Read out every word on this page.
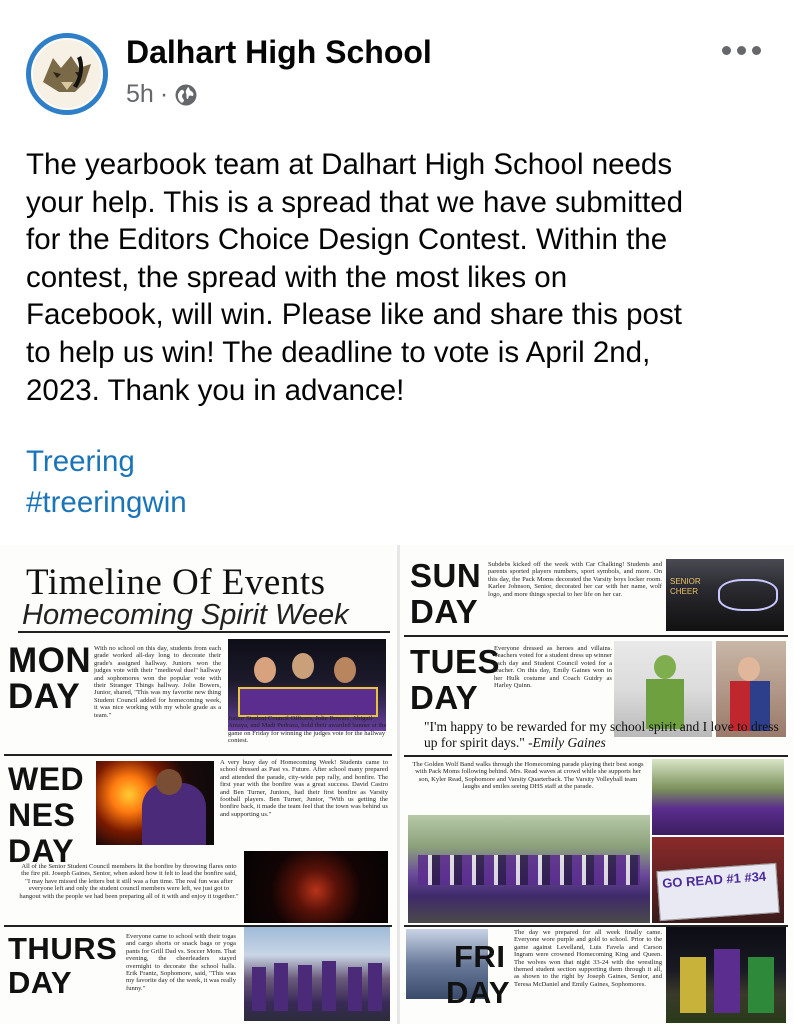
Dalhart High School
5h ·
The yearbook team at Dalhart High School needs
your help. This is a spread that we have submitted
for the Editors Choice Design Contest. Within the
contest, the spread with the most likes on
Facebook, will win. Please like and share this post
to help us win! The deadline to vote is April 2nd,
2023. Thank you in advance!
Treering
#treeringwin
Timeline Of Events
Homecoming Spirit Week
MON
DAY
With no school on this day, students from each grade worked all-day long to decorate their grade's assigned hallway. Juniors won the judges vote with their "medieval duel" hallway and sophomores won the popular vote with their Stranger Things hallway. Jolie Bowers, Junior, shared, "This was my favorite new thing Student Council added for homecoming week, it was nice working with my whole grade as a team."	Junior Student Council Officers, Jolie Bowers, Abigail Amaya, and Madi Pedraza, hold their awarded banner at the game on Friday for winning the judges vote for the hallway contest.
WED
NES
DAY
A very busy day of Homecoming Week! Students came to school dressed as Past vs. Future. After school many prepared and attended the parade, city-wide pep rally, and bonfire. The first year with the bonfire was a great success. David Castro and Ben Turner, Juniors, had their first bonfire as Varsity football players. Ben Turner, Junior, "With us getting the bonfire back, it made the team feel that the town was behind us and supporting us."
All of the Senior Student Council members lit the bonfire by throwing flares onto the fire pit. Joseph Gaines, Senior, when asked how it felt to lead the bonfire said, "I may have missed the letters but it still was a fun time. The real fun was after everyone left and only the student council members were left, we just got to hangout with the people we had been preparing all of it with and enjoy it together."
THURS
DAY
Everyone came to school with their togas and cargo shorts or snack bags or yoga pants for Grill Dad vs. Soccer Mom. That evening, the cheerleaders stayed overnight to decorate the school halls. Erik Frantz, Sophomore, said, "This was my favorite day of the week, it was really funny."
SUN
DAY
Subdebs kicked off the week with Car Chalking! Students and parents sported players numbers, sport symbols, and more. On this day, the Pack Moms decorated the Varsity boys locker room. Karlee Johnson, Senior, decorated her car with her name, wolf logo, and more things special to her life on her car.
SENIOR CHEER
TUES
DAY
Everyone dressed as heroes and villains. Teachers voted for a student dress up winner each day and Student Council voted for a teacher. On this day, Emily Gaines won in her Hulk costume and Coach Guidry as Harley Quinn.
"I'm happy to be rewarded for my school spirit and I love to dress up for spirit days." -Emily Gaines
The Golden Wolf Band walks through the Homecoming parade playing their best songs with Pack Moms following behind. Mrs. Read waves at crowd while she supports her son, Kyler Read, Sophomore and Varsity Quarterback. The Varsity Volleyball team laughs and smiles seeing DHS staff at the parade.
GO READ #1 #34
FRI
DAY
The day we prepared for all week finally came. Everyone wore purple and gold to school. Prior to the game against Levelland, Luis Favela and Carson Ingram were crowned Homecoming King and Queen. The wolves won that night 33-24 with the wrestling themed student section supporting them through it all, as shown to the right by Joseph Gaines, Senior, and Teresa McDaniel and Emily Gaines, Sophomores.
